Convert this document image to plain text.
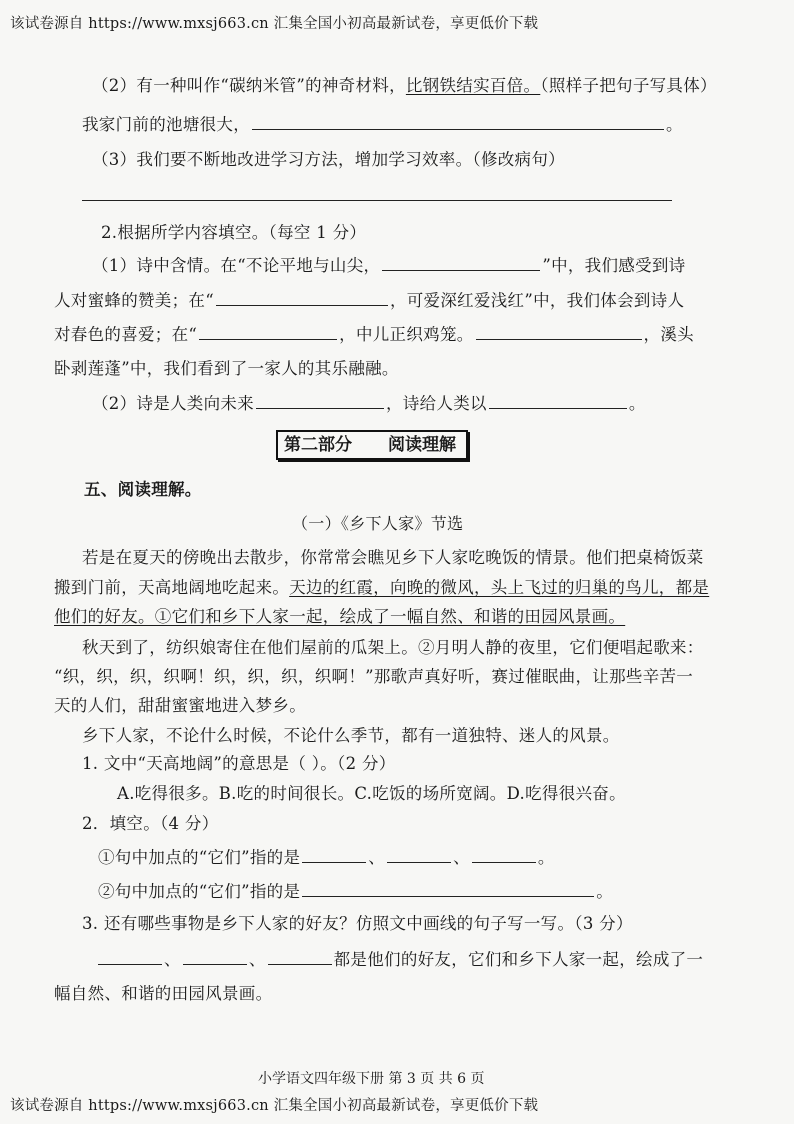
该试卷源自 https://www.mxsj663.cn 汇集全国小初高最新试卷，享更低价下载
（2）有一种叫作“碳纳米管”的神奇材料，比钢铁结实百倍。（照样子把句子写具体）
我家门前的池塘很大，	。
（3）我们要不断地改进学习方法，增加学习效率。（修改病句）
2.根据所学内容填空。（每空 1 分）
（1）诗中含情。在“不论平地与山尖，	”中，我们感受到诗
人对蜜蜂的赞美；在“	，可爱深红爱浅红”中，我们体会到诗人
对春色的喜爱；在“	，中儿正织鸡笼。	，溪头
卧剥莲蓬”中，我们看到了一家人的其乐融融。
（2）诗是人类向未来	，诗给人类以	。
第二部分 阅读理解
五、阅读理解。
（一）《乡下人家》节选
若是在夏天的傍晚出去散步，你常常会瞧见乡下人家吃晚饭的情景。他们把桌椅饭菜
搬到门前，天高地阔地吃起来。天边的红霞，向晚的微风，头上飞过的归巢的鸟儿，都是
他们的好友。①它们和乡下人家一起，绘成了一幅自然、和谐的田园风景画。
秋天到了，纺织娘寄住在他们屋前的瓜架上。②月明人静的夜里，它们便唱起歌来：
“织，织，织，织啊！织，织，织，织啊！”那歌声真好听，赛过催眠曲，让那些辛苦一
天的人们，甜甜蜜蜜地进入梦乡。
乡下人家，不论什么时候，不论什么季节，都有一道独特、迷人的风景。
1. 文中“天高地阔”的意思是（ ）。（2 分）
A.吃得很多。B.吃的时间很长。C.吃饭的场所宽阔。D.吃得很兴奋。
2．填空。（4 分）
①句中加点的“它们”指的是	、	、	。
②句中加点的“它们”指的是	。
3. 还有哪些事物是乡下人家的好友？仿照文中画线的句子写一写。（3 分）
、	、	都是他们的好友，它们和乡下人家一起，绘成了一
幅自然、和谐的田园风景画。
小学语文四年级下册 第 3 页 共 6 页
该试卷源自 https://www.mxsj663.cn 汇集全国小初高最新试卷，享更低价下载
